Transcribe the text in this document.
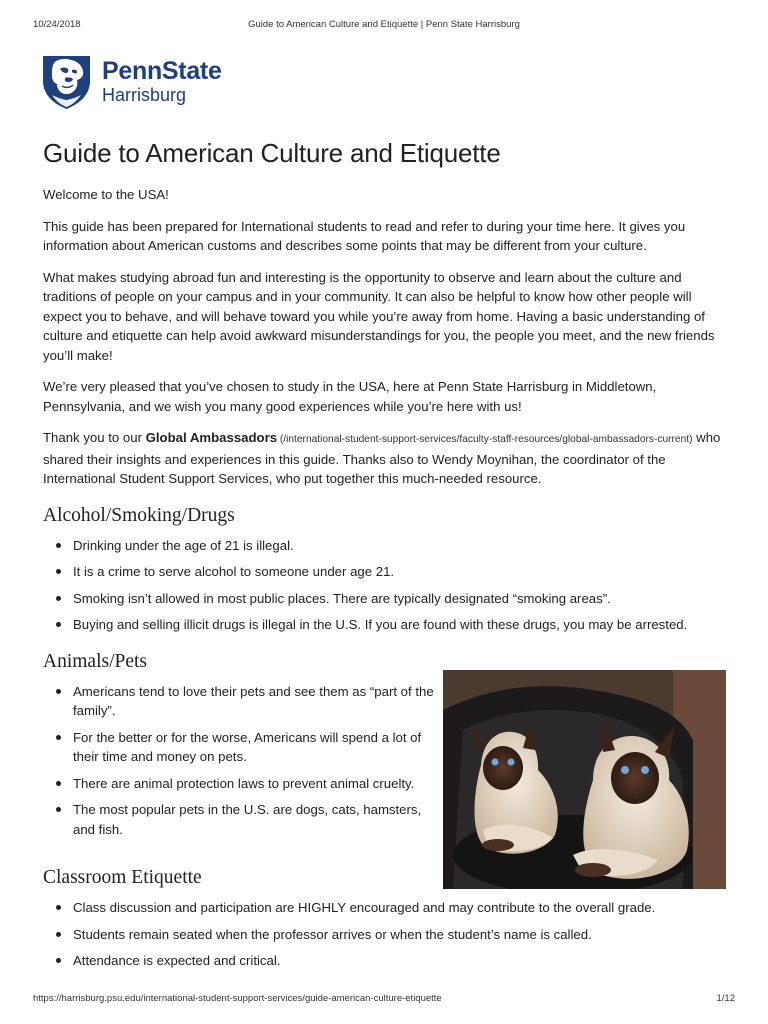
10/24/2018	Guide to American Culture and Etiquette | Penn State Harrisburg
PennState
Harrisburg
Guide to American Culture and Etiquette

Welcome to the USA!

This guide has been prepared for International students to read and refer to during your time here. It gives you information about American customs and describes some points that may be different from your culture.

What makes studying abroad fun and interesting is the opportunity to observe and learn about the culture and traditions of people on your campus and in your community. It can also be helpful to know how other people will expect you to behave, and will behave toward you while you’re away from home. Having a basic understanding of culture and etiquette can help avoid awkward misunderstandings for you, the people you meet, and the new friends you’ll make!

We’re very pleased that you’ve chosen to study in the USA, here at Penn State Harrisburg in Middletown, Pennsylvania, and we wish you many good experiences while you’re here with us!

Thank you to our Global Ambassadors (/international-student-support-services/faculty-staff-resources/global-ambassadors-current) who shared their insights and experiences in this guide. Thanks also to Wendy Moynihan, the coordinator of the International Student Support Services, who put together this much-needed resource.

Alcohol/Smoking/Drugs
Drinking under the age of 21 is illegal.
It is a crime to serve alcohol to someone under age 21.
Smoking isn’t allowed in most public places. There are typically designated “smoking areas”.
Buying and selling illicit drugs is illegal in the U.S. If you are found with these drugs, you may be arrested.
Animals/Pets
Americans tend to love their pets and see them as “part of the family”.
For the better or for the worse, Americans will spend a lot of their time and money on pets.
There are animal protection laws to prevent animal cruelty.
The most popular pets in the U.S. are dogs, cats, hamsters, and fish.
Classroom Etiquette
Class discussion and participation are HIGHLY encouraged and may contribute to the overall grade.
Students remain seated when the professor arrives or when the student’s name is called.
Attendance is expected and critical.
https://harrisburg.psu.edu/international-student-support-services/guide-american-culture-etiquette	1/12
